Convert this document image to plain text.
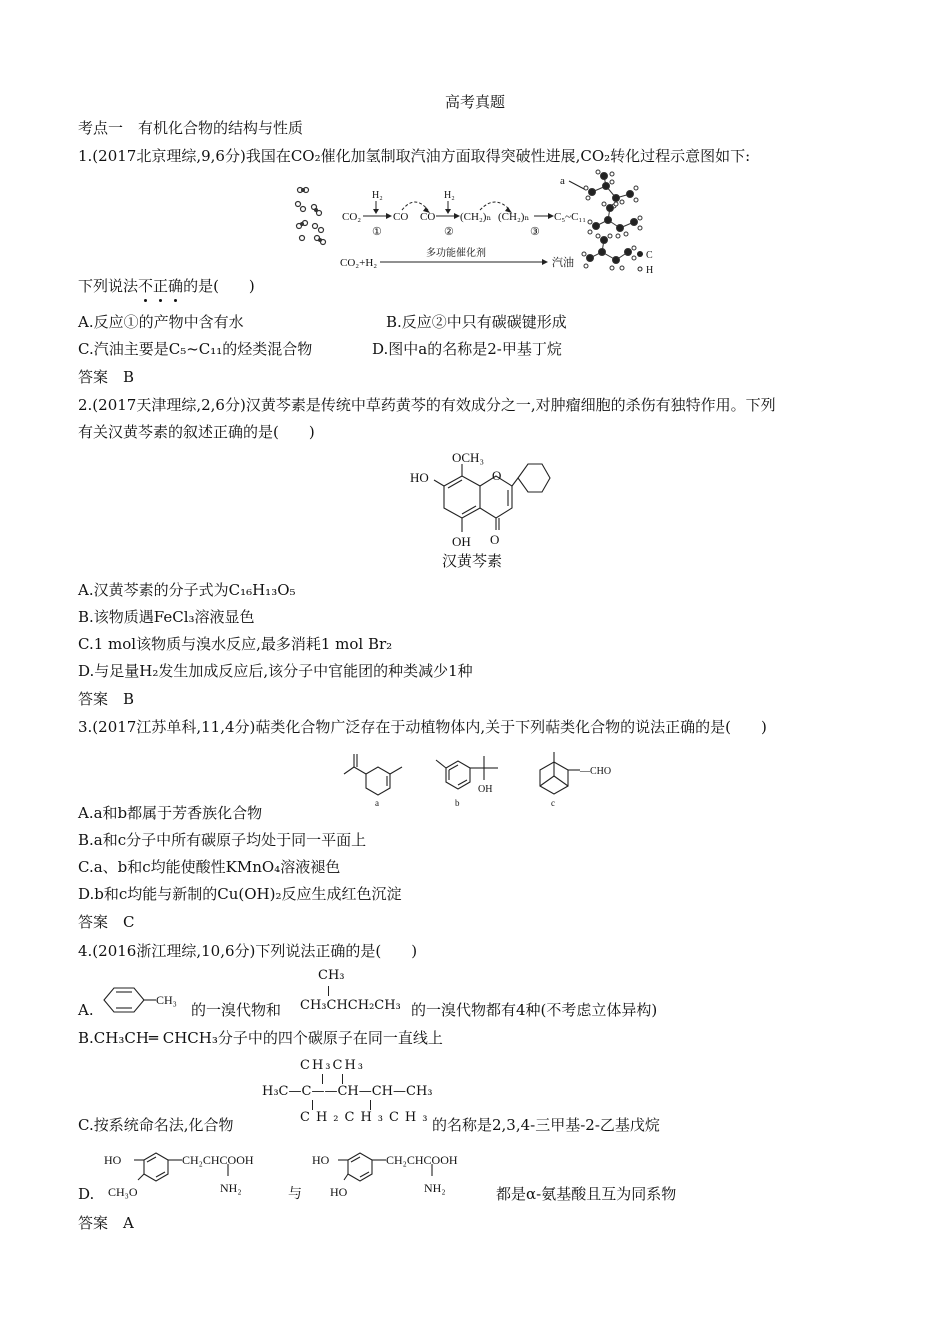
高考真题
考点一　有机化合物的结构与性质
1.(2017北京理综,9,6分)我国在CO₂催化加氢制取汽油方面取得突破性进展,CO₂转化过程示意图如下:
CO₂
H₂
CO
①
CO
H₂
②
(CH₂)ₙ (CH₂)ₙ
③
C₅~C₁₁
a
CO₂+H₂
多功能催化剂
汽油
C
H
下列说法不
正
确
的是(　　)
A.反应①的产物中含有水	B.反应②中只有碳碳键形成
C.汽油主要是C₅~C₁₁的烃类混合物	D.图中a的名称是2-甲基丁烷
答案　B
2.(2017天津理综,2,6分)汉黄芩素是传统中草药黄芩的有效成分之一,对肿瘤细胞的杀伤有独特作用。下列
有关汉黄芩素的叙述正确的是(　　)
OCH₃
HO	O
OH O
汉黄芩素
A.汉黄芩素的分子式为C₁₆H₁₃O₅
B.该物质遇FeCl₃溶液显色
C.1 mol该物质与溴水反应,最多消耗1 mol Br₂
D.与足量H₂发生加成反应后,该分子中官能团的种类减少1种
答案　B
3.(2017江苏单科,11,4分)萜类化合物广泛存在于动植物体内,关于下列萜类化合物的说法正确的是(　　)
a	b
OH
c
—CHO
A.a和b都属于芳香族化合物
B.a和c分子中所有碳原子均处于同一平面上
C.a、b和c均能使酸性KMnO₄溶液褪色
D.b和c均能与新制的Cu(OH)₂反应生成红色沉淀
答案　C
4.(2016浙江理综,10,6分)下列说法正确的是(　　)
A.
CH₃
的一溴代物和
CH₃
CH₃CHCH₂CH₃ 的一溴代物都有4种(不考虑立体异构)
B.CH₃CH═ CHCH₃分子中的四个碳原子在同一直线上
CH₃CH₃
H₃C—C——CH—CH—CH₃
CH₂CH₃CH₃
C.按系统命名法,化合物	的名称是2,3,4-三甲基-2-乙基戊烷
D.
HO
CH₃O
CH₂CHCOOH
NH₂	与
HO
HO
CH₂CHCOOH
NH₂	都是α-氨基酸且互为同系物
答案　A
